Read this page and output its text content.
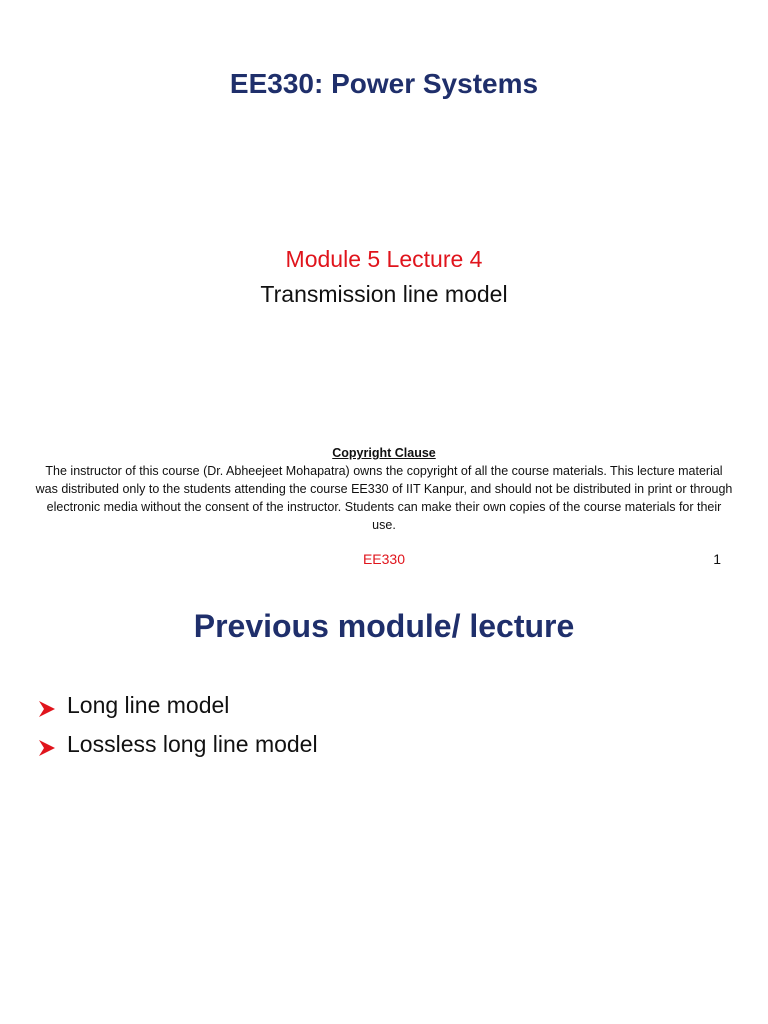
EE330: Power Systems
Module 5 Lecture 4
Transmission line model
Copyright Clause
The instructor of this course (Dr. Abheejeet Mohapatra) owns the copyright of all the course materials. This lecture material was distributed only to the students attending the course EE330 of IIT Kanpur, and should not be distributed in print or through electronic media without the consent of the instructor. Students can make their own copies of the course materials for their use.
EE330	1
Previous module/ lecture
Long line model
Lossless long line model
